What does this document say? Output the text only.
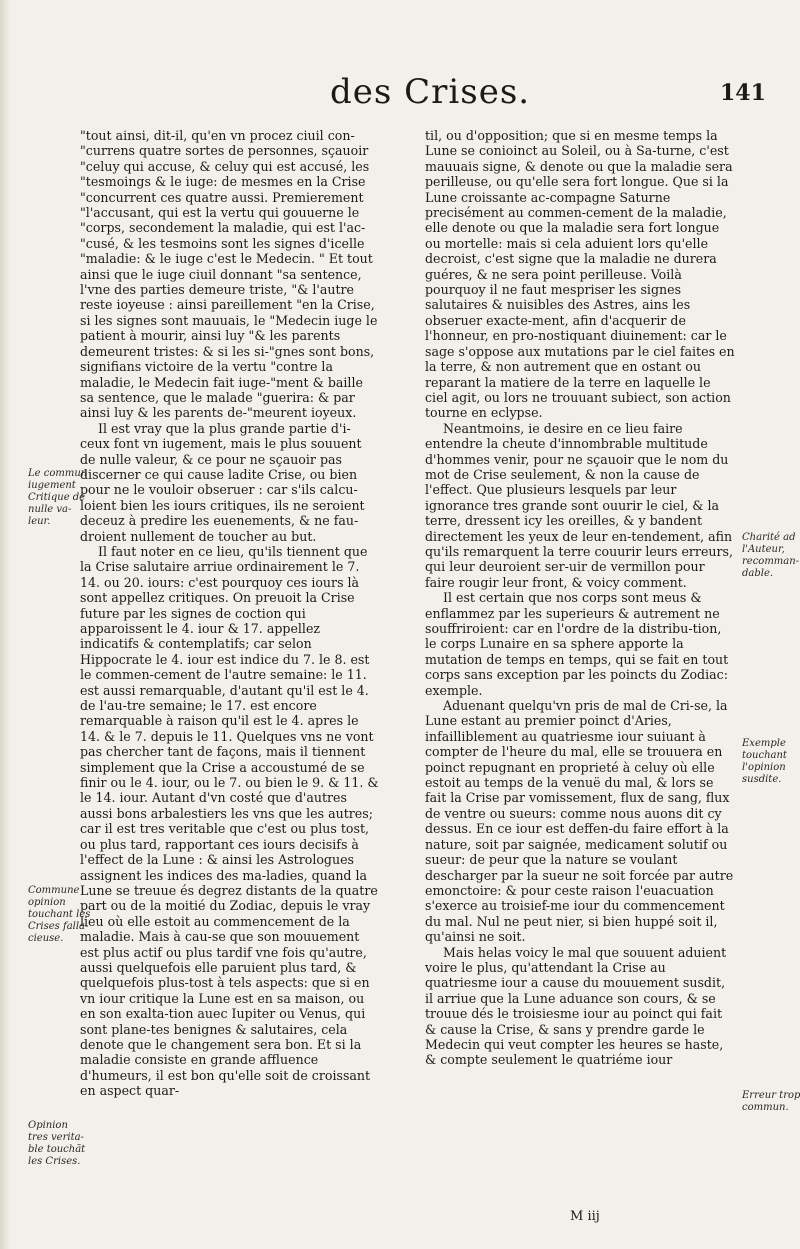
des Crises.	141

"tout ainsi, dit-il, qu'en vn procez ciuil con-"currens quatre sortes de personnes, sçauoir "celuy qui accuse, & celuy qui est accusé, les "tesmoings & le iuge: de mesmes en la Crise "concurrent ces quatre aussi. Premierement "l'accusant, qui est la vertu qui gouuerne le "corps, secondement la maladie, qui est l'ac-"cusé, & les tesmoins sont les signes d'icelle "maladie: & le iuge c'est le Medecin. " Et tout ainsi que le iuge ciuil donnant "sa sentence, l'vne des parties demeure triste, "& l'autre reste ioyeuse : ainsi pareillement "en la Crise, si les signes sont mauuais, le "Medecin iuge le patient à mourir, ainsi luy "& les parents demeurent tristes: & si les si-"gnes sont bons, signifians victoire de la vertu "contre la maladie, le Medecin fait iuge-"ment & baille sa sentence, que le malade "guerira: & par ainsi luy & les parents de-"meurent ioyeux.

Il est vray que la plus grande partie d'i-ceux font vn iugement, mais le plus souuent de nulle valeur, & ce pour ne sçauoir pas discerner ce qui cause ladite Crise, ou bien pour ne le vouloir obseruer : car s'ils calcu-loient bien les iours critiques, ils ne seroient deceuz à predire les euenements, & ne fau-droient nullement de toucher au but.

Il faut noter en ce lieu, qu'ils tiennent que la Crise salutaire arriue ordinairement le 7. 14. ou 20. iours: c'est pourquoy ces iours là sont appellez critiques. On preuoit la Crise future par les signes de coction qui apparoissent le 4. iour & 17. appellez indicatifs & contemplatifs; car selon Hippocrate le 4. iour est indice du 7. le 8. est le commen-cement de l'autre semaine: le 11. est aussi remarquable, d'autant qu'il est le 4. de l'au-tre semaine; le 17. est encore remarquable à raison qu'il est le 4. apres le 14. & le 7. depuis le 11. Quelques vns ne vont pas chercher tant de façons, mais il tiennent simplement que la Crise a accoustumé de se finir ou le 4. iour, ou le 7. ou bien le 9. & 11. & le 14. iour. Autant d'vn costé que d'autres aussi bons arbalestiers les vns que les autres; car il est tres veritable que c'est ou plus tost, ou plus tard, rapportant ces iours decisifs à l'effect de la Lune : & ainsi les Astrologues assignent les indices des ma-ladies, quand la Lune se treuue és degrez distants de la quatre part ou de la moitié du Zodiac, depuis le vray lieu où elle estoit au commencement de la maladie. Mais à cau-se que son mouuement est plus actif ou plus tardif vne fois qu'autre, aussi quelquefois elle paruient plus tard, & quelquefois plus-tost à tels aspects: que si en vn iour critique la Lune est en sa maison, ou en son exalta-tion auec Iupiter ou Venus, qui sont plane-tes benignes & salutaires, cela denote que le changement sera bon. Et si la maladie consiste en grande affluence d'humeurs, il est bon qu'elle soit de croissant en aspect quar-

til, ou d'opposition; que si en mesme temps la Lune se conioinct au Soleil, ou à Sa-turne, c'est mauuais signe, & denote ou que la maladie sera perilleuse, ou qu'elle sera fort longue. Que si la Lune croissante ac-compagne Saturne precisément au commen-cement de la maladie, elle denote ou que la maladie sera fort longue ou mortelle: mais si cela aduient lors qu'elle decroist, c'est signe que la maladie ne durera guéres, & ne sera point perilleuse. Voilà pourquoy il ne faut mespriser les signes salutaires & nuisibles des Astres, ains les obseruer exacte-ment, afin d'acquerir de l'honneur, en pro-nostiquant diuinement: car le sage s'oppose aux mutations par le ciel faites en la terre, & non autrement que en ostant ou reparant la matiere de la terre en laquelle le ciel agit, ou lors ne trouuant subiect, son action tourne en eclypse.

Neantmoins, ie desire en ce lieu faire entendre la cheute d'innombrable multitude d'hommes venir, pour ne sçauoir que le nom du mot de Crise seulement, & non la cause de l'effect. Que plusieurs lesquels par leur ignorance tres grande sont ouurir le ciel, & la terre, dressent icy les oreilles, & y bandent directement les yeux de leur en-tendement, afin qu'ils remarquent la terre couurir leurs erreurs, qui leur deuroient ser-uir de vermillon pour faire rougir leur front, & voicy comment.

Il est certain que nos corps sont meus & enflammez par les superieurs & autrement ne souffriroient: car en l'ordre de la distribu-tion, le corps Lunaire en sa sphere apporte la mutation de temps en temps, qui se fait en tout corps sans exception par les poincts du Zodiac: exemple.

Aduenant quelqu'vn pris de mal de Cri-se, la Lune estant au premier poinct d'Aries, infailliblement au quatriesme iour suiuant à compter de l'heure du mal, elle se trouuera en poinct repugnant en proprieté à celuy où elle estoit au temps de la venuë du mal, & lors se fait la Crise par vomissement, flux de sang, flux de ventre ou sueurs: comme nous auons dit cy dessus. En ce iour est deffen-du faire effort à la nature, soit par saignée, medicament solutif ou sueur: de peur que la nature se voulant descharger par la sueur ne soit forcée par autre emonctoire: & pour ceste raison l'euacuation s'exerce au troisief-me iour du commencement du mal. Nul ne peut nier, si bien huppé soit il, qu'ainsi ne soit.

Mais helas voicy le mal que souuent aduient voire le plus, qu'attendant la Crise au quatriesme iour a cause du mouuement susdit, il arriue que la Lune aduance son cours, & se trouue dés le troisiesme iour au poinct qui fait & cause la Crise, & sans y prendre garde le Medecin qui veut compter les heures se haste, & compte seulement le quatriéme iour

Le commun
iugement
Critique de
nulle va-
leur.
Commune
opinion
touchant les
Crises falla-
cieuse.
Opinion
tres verita-
ble touchãt
les Crises.
Charité ad
l'Auteur,
recomman-
dable.
Exemple
touchant
l'opinion
susdite.
Erreur trop
commun.
M iij
